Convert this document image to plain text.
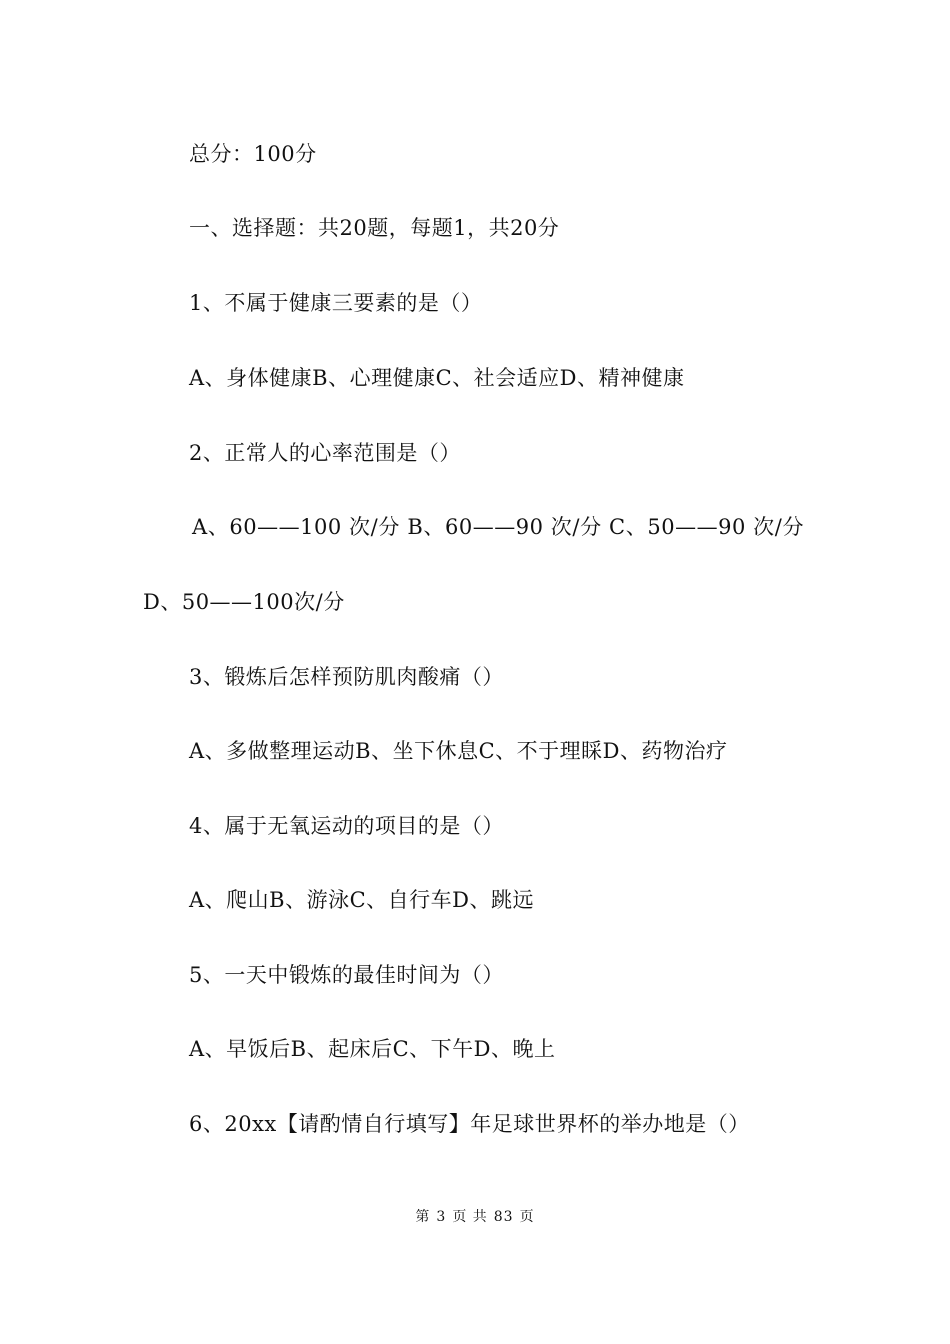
总分：100分
一、选择题：共20题，每题1，共20分
1、不属于健康三要素的是（）
A、身体健康B、心理健康C、社会适应D、精神健康
2、正常人的心率范围是（）
A、60——100 次/分 B、60——90 次/分 C、50——90 次/分
D、50——100次/分
3、锻炼后怎样预防肌肉酸痛（）
A、多做整理运动B、坐下休息C、不于理睬D、药物治疗
4、属于无氧运动的项目的是（）
A、爬山B、游泳C、自行车D、跳远
5、一天中锻炼的最佳时间为（）
A、早饭后B、起床后C、下午D、晚上
6、20xx【请酌情自行填写】年足球世界杯的举办地是（）
第 3 页 共 83 页
